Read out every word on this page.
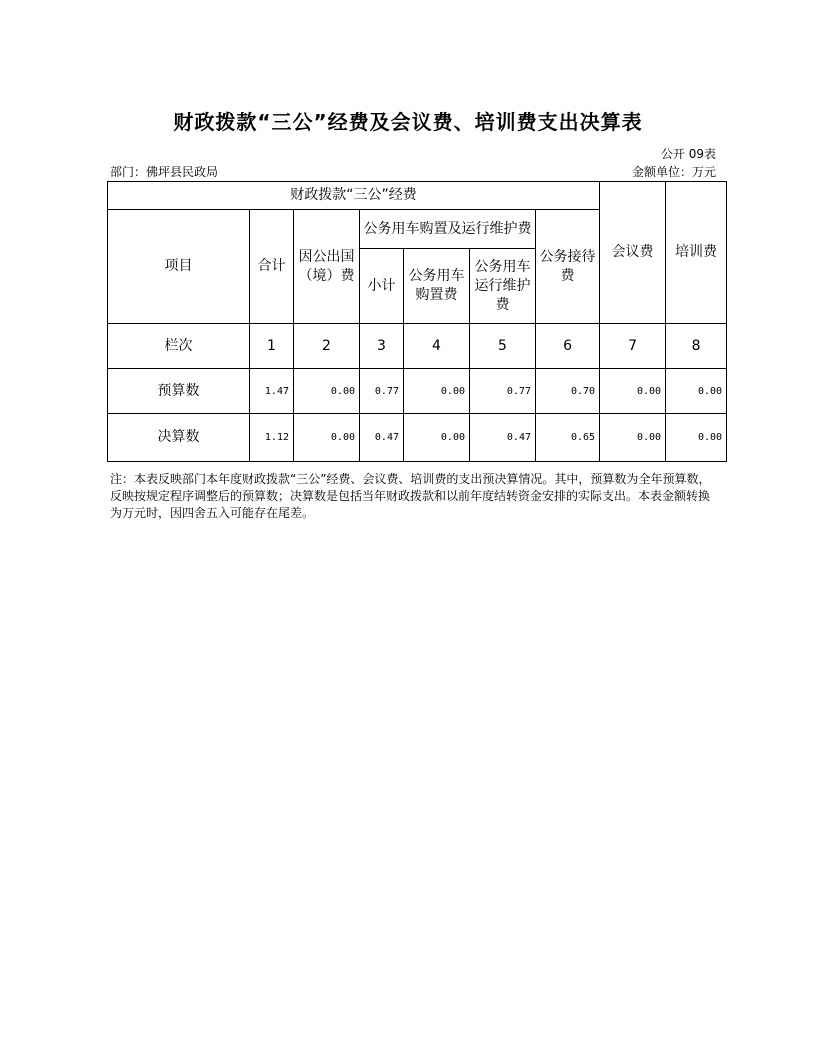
财政拨款“三公”经费及会议费、培训费支出决算表
公开 09表
部门：佛坪县民政局	金额单位：万元
财政拨款“三公”经费							会议费	培训费
项目	合计	因公出国（境）费	公务用车购置及运行维护费			公务接待费		
			小计	公务用车购置费	公务用车运行维护费			
栏次	1	2	3	4	5	6	7	8
预算数	1.47	0.00	0.77	0.00	0.77	0.70	0.00	0.00
决算数	1.12	0.00	0.47	0.00	0.47	0.65	0.00	0.00
注：本表反映部门本年度财政拨款“三公”经费、会议费、培训费的支出预决算情况。其中，预算数为全年预算数，反映按规定程序调整后的预算数；决算数是包括当年财政拨款和以前年度结转资金安排的实际支出。本表金额转换为万元时，因四舍五入可能存在尾差。
